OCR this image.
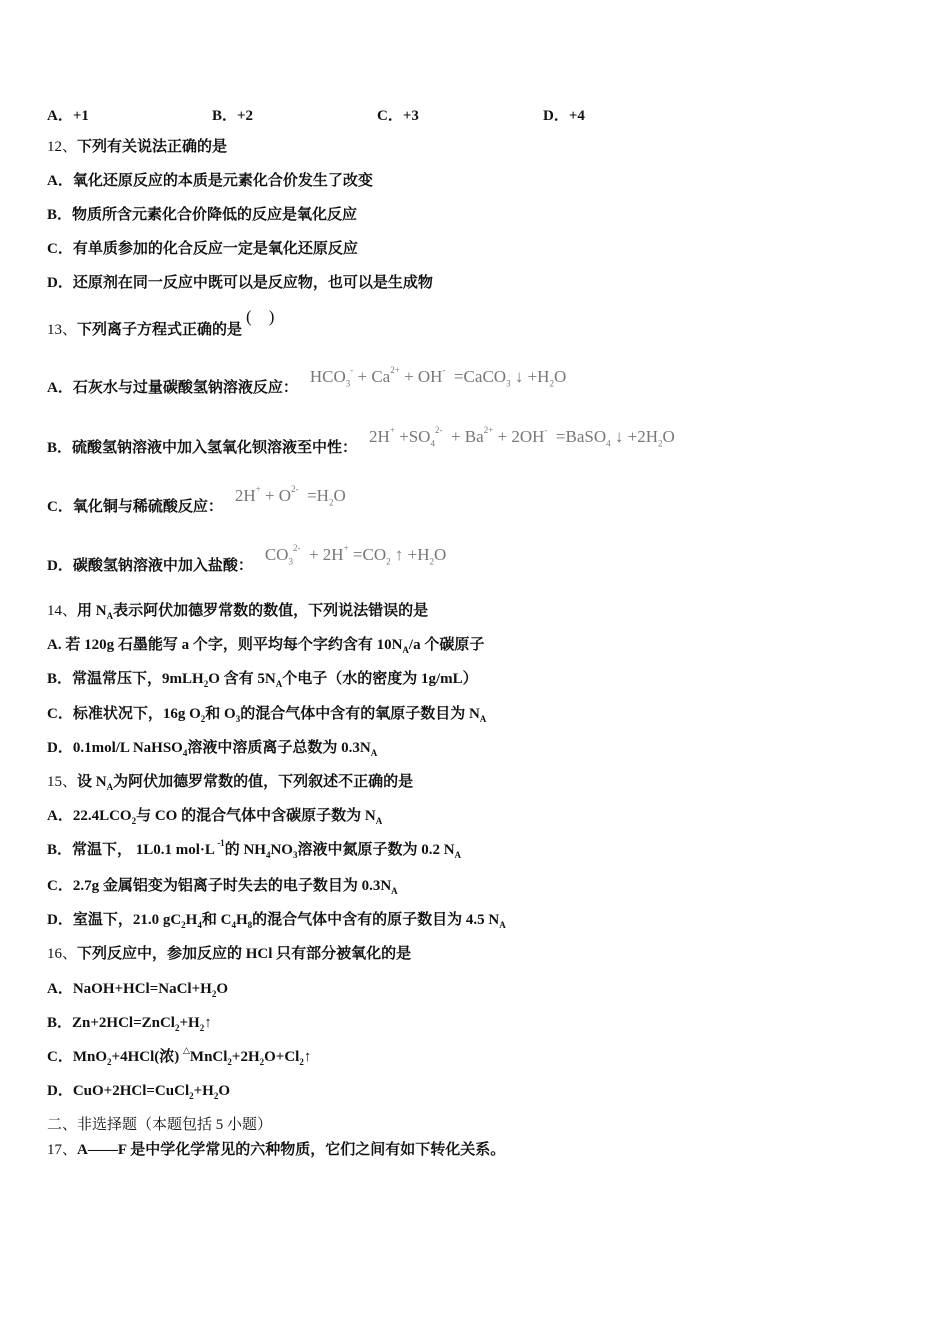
A．+1	B．+2	C．+3	D．+4
12、下列有关说法正确的是
A．氧化还原反应的本质是元素化合价发生了改变
B．物质所含元素化合价降低的反应是氧化反应
C．有单质参加的化合反应一定是氧化还原反应
D．还原剂在同一反应中既可以是反应物，也可以是生成物
13、下列离子方程式正确的是(    )
A．石灰水与过量碳酸氢钠溶液反应：$HCO_3^{\^{}-} + Ca^{\^{}2+} + OH^{\^{}-}$  =CaCO$_3$ ↓ $+H_2O$
B．硫酸氢钠溶液中加入氢氧化钡溶液至中性：$2H^{\^{}+} +SO_4^{\^{}2-} + Ba^{\^{}2+} + 2OH^{\^{}-}$  =BaSO$_4$ ↓ $+2H_2O$
C．氧化铜与稀硫酸反应：$2H^{\^{}+} + O^{\^{}2-} =H_2O$
D．碳酸氢钠溶液中加入盐酸：$CO_3^{\^{}2-} + 2H^{\^{}+} =CO_2$ ↑ $+H_2O$
14、用 $N_A$表示阿伏加德罗常数的数值，下列说法错误的是
A. 若 120g 石墨能写 a 个字，则平均每个字约含有 $10N_A/a$ 个碳原子
B．常温常压下，9mLH$_2$O 含有 $5N_A$个电子（水的密度为 1g/mL）
C．标准状况下，16g $O_2$和 $O_3$的混合气体中含有的氧原子数目为 $N_A$
D．0.1mol/L NaHSO$_4$溶液中溶质离子总数为 $0.3N_A$
15、设 $N_A$为阿伏加德罗常数的值，下列叙述不正确的是
A．$22.4LCO_2$与 CO 的混合气体中含碳原子数为 $N_A$
B．常温下， 1L0.1 mol·L $^{-1}$的 $NH_4NO_3$溶液中氮原子数为 0.2 $N_A$
C．2.7g 金属铝变为铝离子时失去的电子数目为 $0.3N_A$
D．室温下，21.0 $gC_2H_4$和 $C_4H_8$的混合气体中含有的原子数目为 4.5 $N_A$
16、下列反应中，参加反应的 HCl 只有部分被氧化的是
A．$NaOH+HCl=NaCl+H_2O$
B．$Zn+2HCl=ZnCl_2+H_2↑$
C．MnO$_2$+4HCl(浓) $^{\^{}\triangle}MnCl_2+2H_2O+Cl_2↑$
D．$CuO+2HCl=CuCl_2+H_2O$
二、非选择题（本题包括 5 小题）
17、A——F 是中学化学常见的六种物质，它们之间有如下转化关系。
